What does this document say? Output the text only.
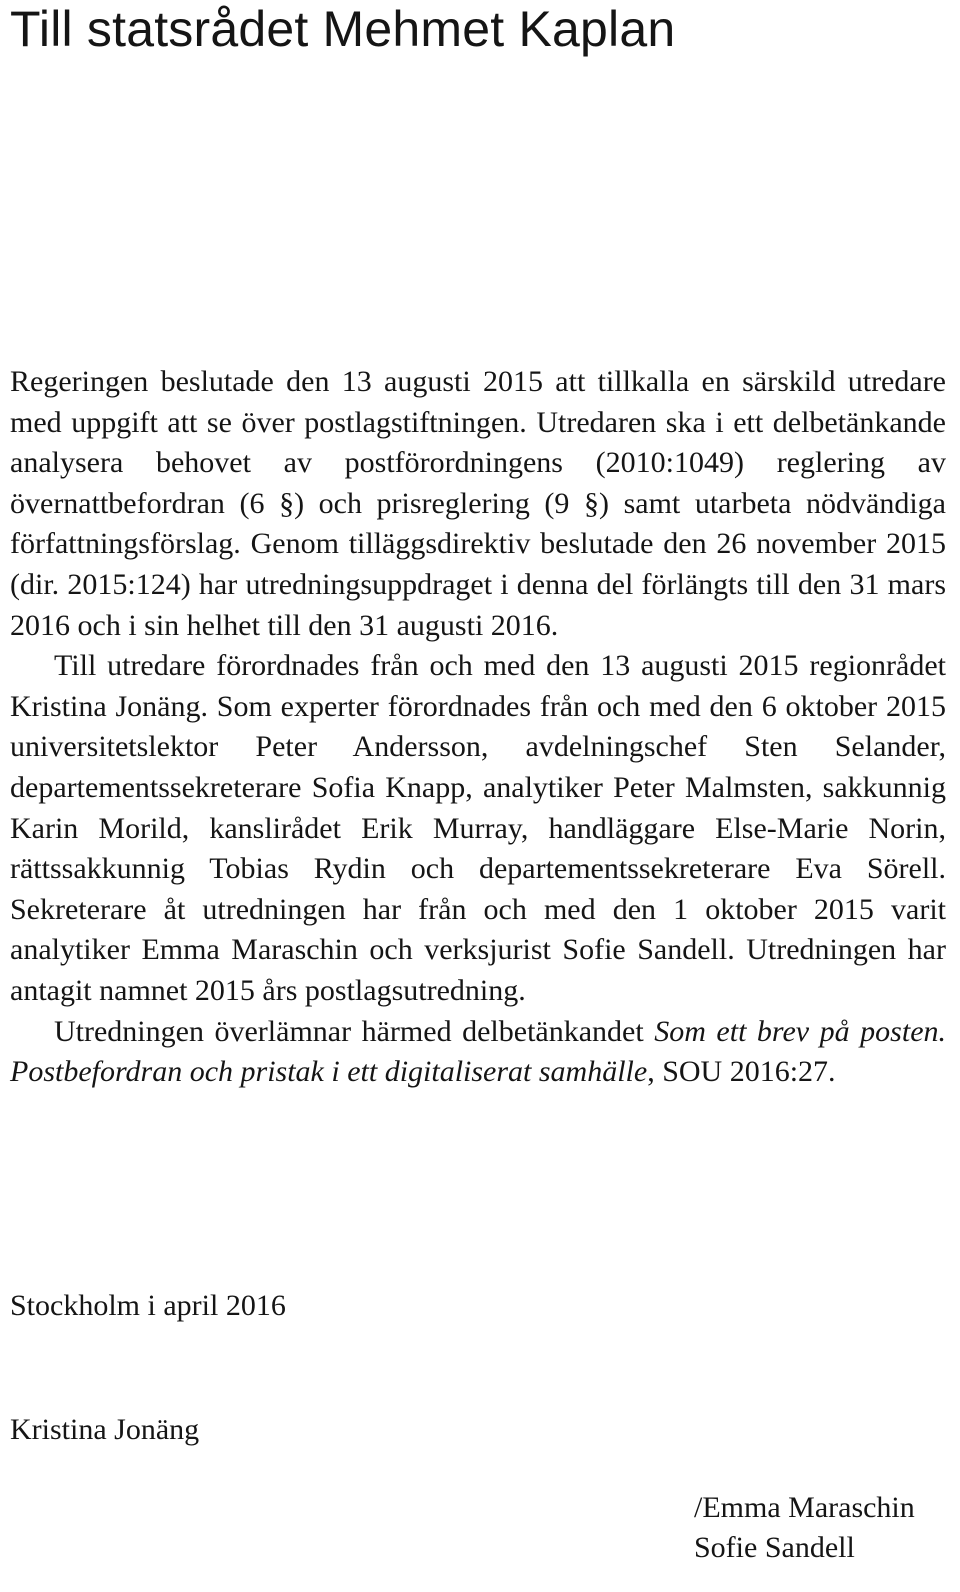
Till statsrådet Mehmet Kaplan

Regeringen beslutade den 13 augusti 2015 att tillkalla en särskild utredare med uppgift att se över postlagstiftningen. Utredaren ska i ett delbetänkande analysera behovet av postförordningens (2010:1049) reglering av övernattbefordran (6 §) och prisreglering (9 §) samt utarbeta nödvändiga författningsförslag. Genom tilläggsdirektiv beslutade den 26 november 2015 (dir. 2015:124) har utredningsuppdraget i denna del förlängts till den 31 mars 2016 och i sin helhet till den 31 augusti 2016.

Till utredare förordnades från och med den 13 augusti 2015 regionrådet Kristina Jonäng. Som experter förordnades från och med den 6 oktober 2015 universitetslektor Peter Andersson, avdelningschef Sten Selander, departementssekreterare Sofia Knapp, analytiker Peter Malmsten, sakkunnig Karin Morild, kanslirådet Erik Murray, handläggare Else-Marie Norin, rättssakkunnig Tobias Rydin och departementssekreterare Eva Sörell. Sekreterare åt utredningen har från och med den 1 oktober 2015 varit analytiker Emma Maraschin och verksjurist Sofie Sandell. Utredningen har antagit namnet 2015 års postlagsutredning.

Utredningen överlämnar härmed delbetänkandet Som ett brev på posten. Postbefordran och pristak i ett digitaliserat samhälle, SOU 2016:27.

Stockholm i april 2016
Kristina Jonäng
/Emma Maraschin
Sofie Sandell
